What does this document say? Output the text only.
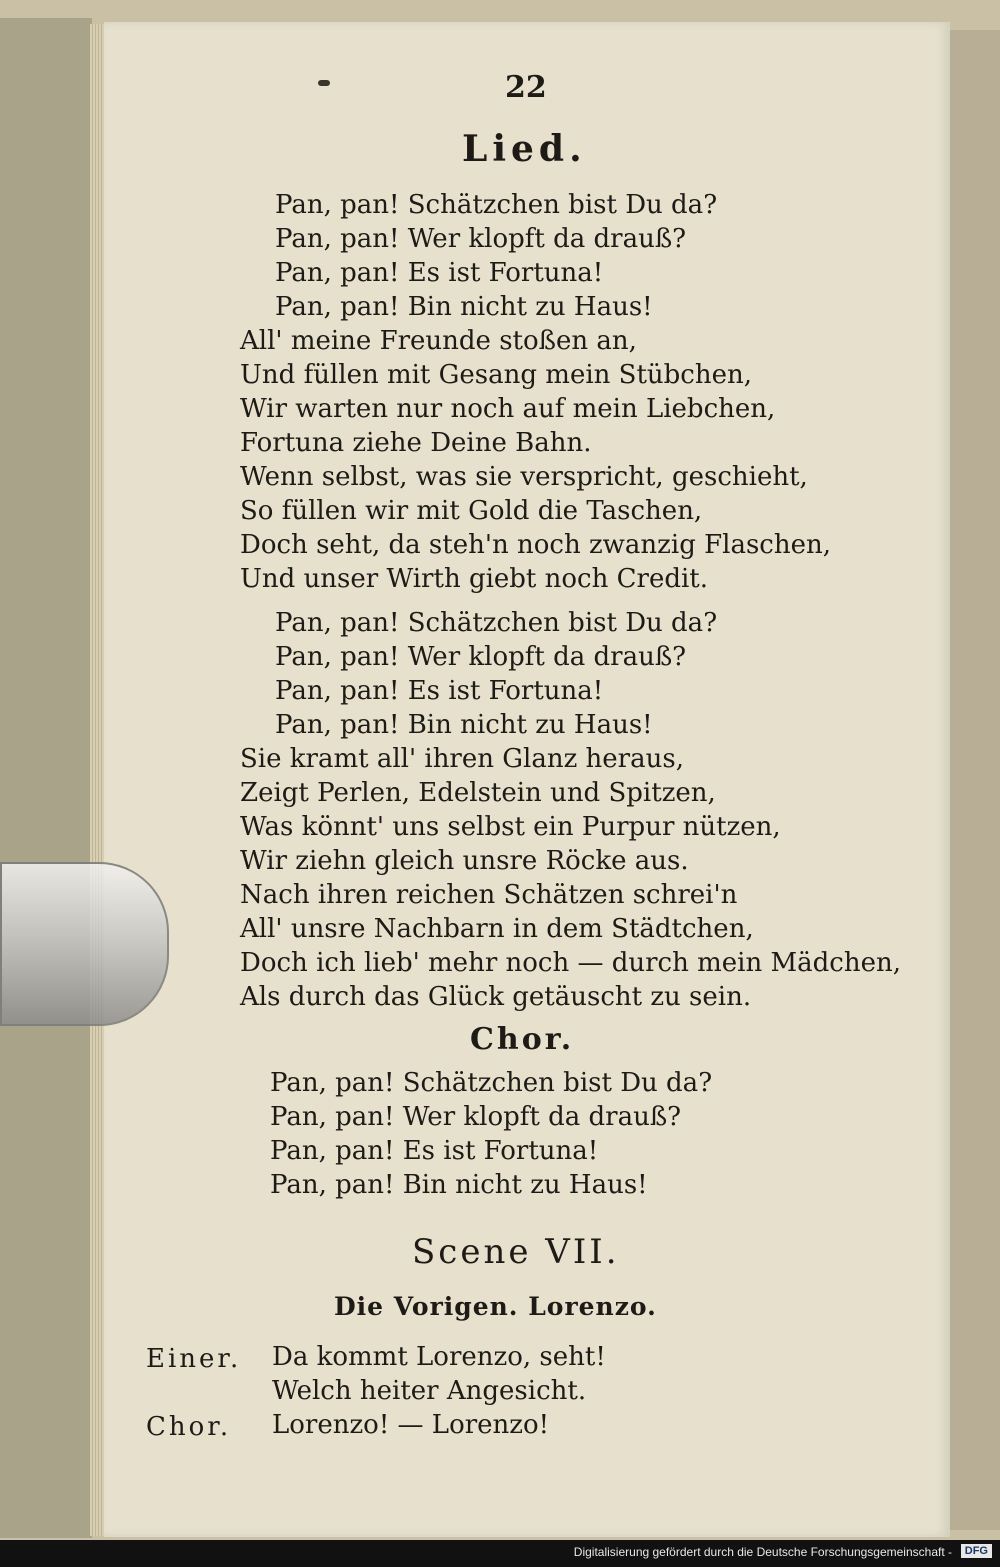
22
Lied.
Pan, pan! Schätzchen bist Du da?
Pan, pan! Wer klopft da drauß?
Pan, pan! Es ist Fortuna!
Pan, pan! Bin nicht zu Haus!
All' meine Freunde stoßen an,
Und füllen mit Gesang mein Stübchen,
Wir warten nur noch auf mein Liebchen,
Fortuna ziehe Deine Bahn.
Wenn selbst, was sie verspricht, geschieht,
So füllen wir mit Gold die Taschen,
Doch seht, da steh'n noch zwanzig Flaschen,
Und unser Wirth giebt noch Credit.
Pan, pan! Schätzchen bist Du da?
Pan, pan! Wer klopft da drauß?
Pan, pan! Es ist Fortuna!
Pan, pan! Bin nicht zu Haus!
Sie kramt all' ihren Glanz heraus,
Zeigt Perlen, Edelstein und Spitzen,
Was könnt' uns selbst ein Purpur nützen,
Wir ziehn gleich unsre Röcke aus.
Nach ihren reichen Schätzen schrei'n
All' unsre Nachbarn in dem Städtchen,
Doch ich lieb' mehr noch — durch mein Mädchen,
Als durch das Glück getäuscht zu sein.
Chor.
Pan, pan! Schätzchen bist Du da?
Pan, pan! Wer klopft da drauß?
Pan, pan! Es ist Fortuna!
Pan, pan! Bin nicht zu Haus!
Scene VII.
Die Vorigen. Lorenzo.
Einer. Da kommt Lorenzo, seht!
Welch heiter Angesicht.
Chor. Lorenzo! — Lorenzo!
Digitalisierung gefördert durch die Deutsche Forschungsgemeinschaft -	DFG
